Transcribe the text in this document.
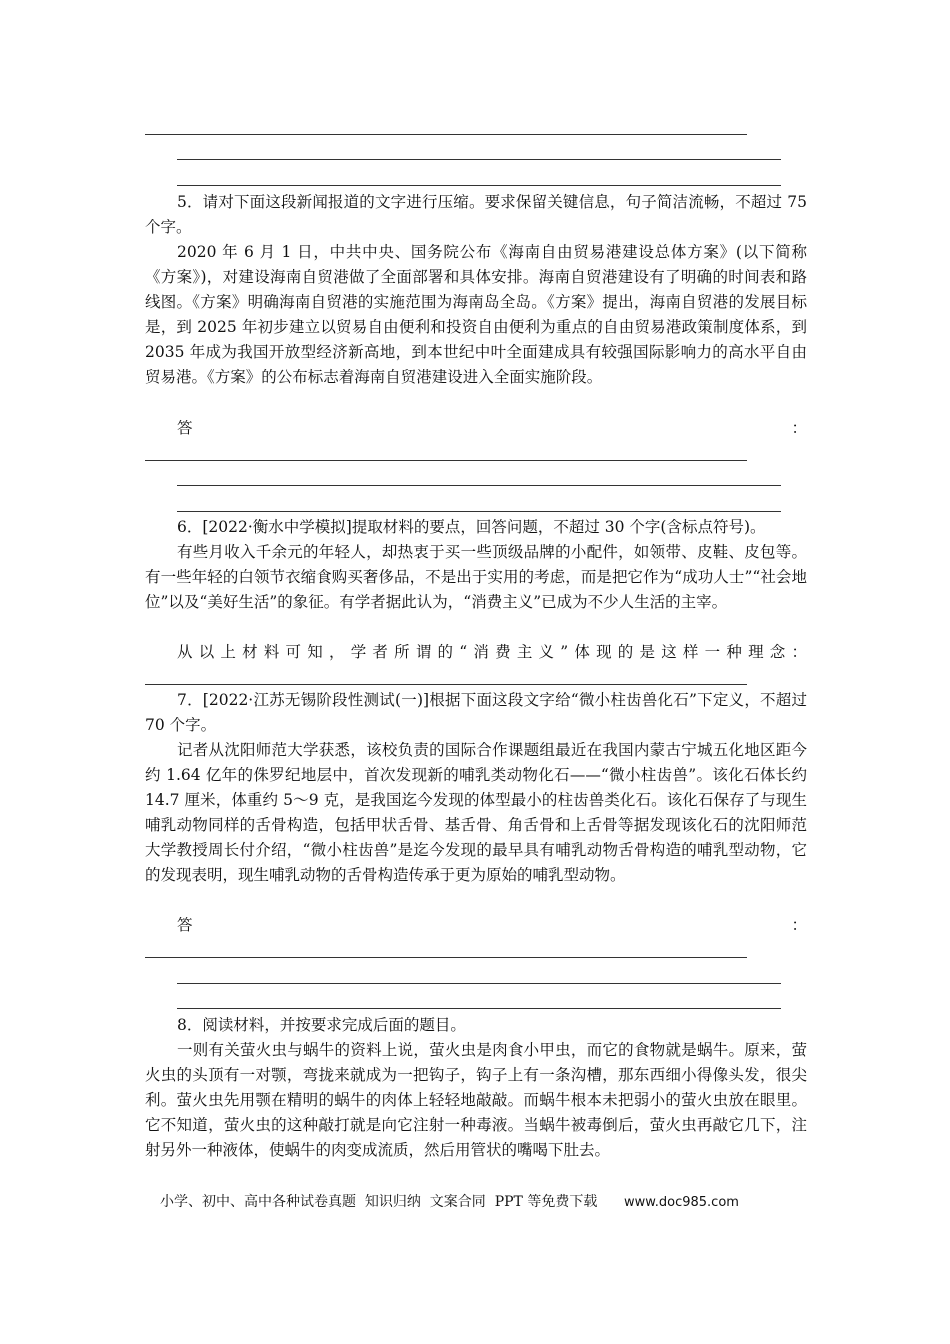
5．请对下面这段新闻报道的文字进行压缩。要求保留关键信息，句子简洁流畅，不超过 75 个字。

2020 年 6 月 1 日，中共中央、国务院公布《海南自由贸易港建设总体方案》(以下简称《方案》)，对建设海南自贸港做了全面部署和具体安排。海南自贸港建设有了明确的时间表和路线图。《方案》明确海南自贸港的实施范围为海南岛全岛。《方案》提出，海南自贸港的发展目标是，到 2025 年初步建立以贸易自由便利和投资自由便利为重点的自由贸易港政策制度体系，到 2035 年成为我国开放型经济新高地，到本世纪中叶全面建成具有较强国际影响力的高水平自由贸易港。《方案》的公布标志着海南自贸港建设进入全面实施阶段。

答	：

6．[2022·衡水中学模拟]提取材料的要点，回答问题，不超过 30 个字(含标点符号)。

有些月收入千余元的年轻人，却热衷于买一些顶级品牌的小配件，如领带、皮鞋、皮包等。有一些年轻的白领节衣缩食购买奢侈品，不是出于实用的考虑，而是把它作为“成功人士”“社会地位”以及“美好生活”的象征。有学者据此认为，“消费主义”已成为不少人生活的主宰。

从以上材料可知，学者所谓的“消费主义”体现的是这样一种理念：

7．[2022·江苏无锡阶段性测试(一)]根据下面这段文字给“微小柱齿兽化石”下定义，不超过 70 个字。

记者从沈阳师范大学获悉，该校负责的国际合作课题组最近在我国内蒙古宁城五化地区距今约 1.64 亿年的侏罗纪地层中，首次发现新的哺乳类动物化石——“微小柱齿兽”。该化石体长约 14.7 厘米，体重约 5～9 克，是我国迄今发现的体型最小的柱齿兽类化石。该化石保存了与现生哺乳动物同样的舌骨构造，包括甲状舌骨、基舌骨、角舌骨和上舌骨等据发现该化石的沈阳师范大学教授周长付介绍，“微小柱齿兽”是迄今发现的最早具有哺乳动物舌骨构造的哺乳型动物，它的发现表明，现生哺乳动物的舌骨构造传承于更为原始的哺乳型动物。

答	：

8．阅读材料，并按要求完成后面的题目。

一则有关萤火虫与蜗牛的资料上说，萤火虫是肉食小甲虫，而它的食物就是蜗牛。原来，萤火虫的头顶有一对颚，弯拢来就成为一把钩子，钩子上有一条沟槽，那东西细小得像头发，很尖利。萤火虫先用颚在精明的蜗牛的肉体上轻轻地敲敲。而蜗牛根本未把弱小的萤火虫放在眼里。它不知道，萤火虫的这种敲打就是向它注射一种毒液。当蜗牛被毒倒后，萤火虫再敲它几下，注射另外一种液体，使蜗牛的肉变成流质，然后用管状的嘴喝下肚去。

小学、初中、高中各种试卷真题  知识归纳  文案合同  PPT 等免费下载 www.doc985.com
